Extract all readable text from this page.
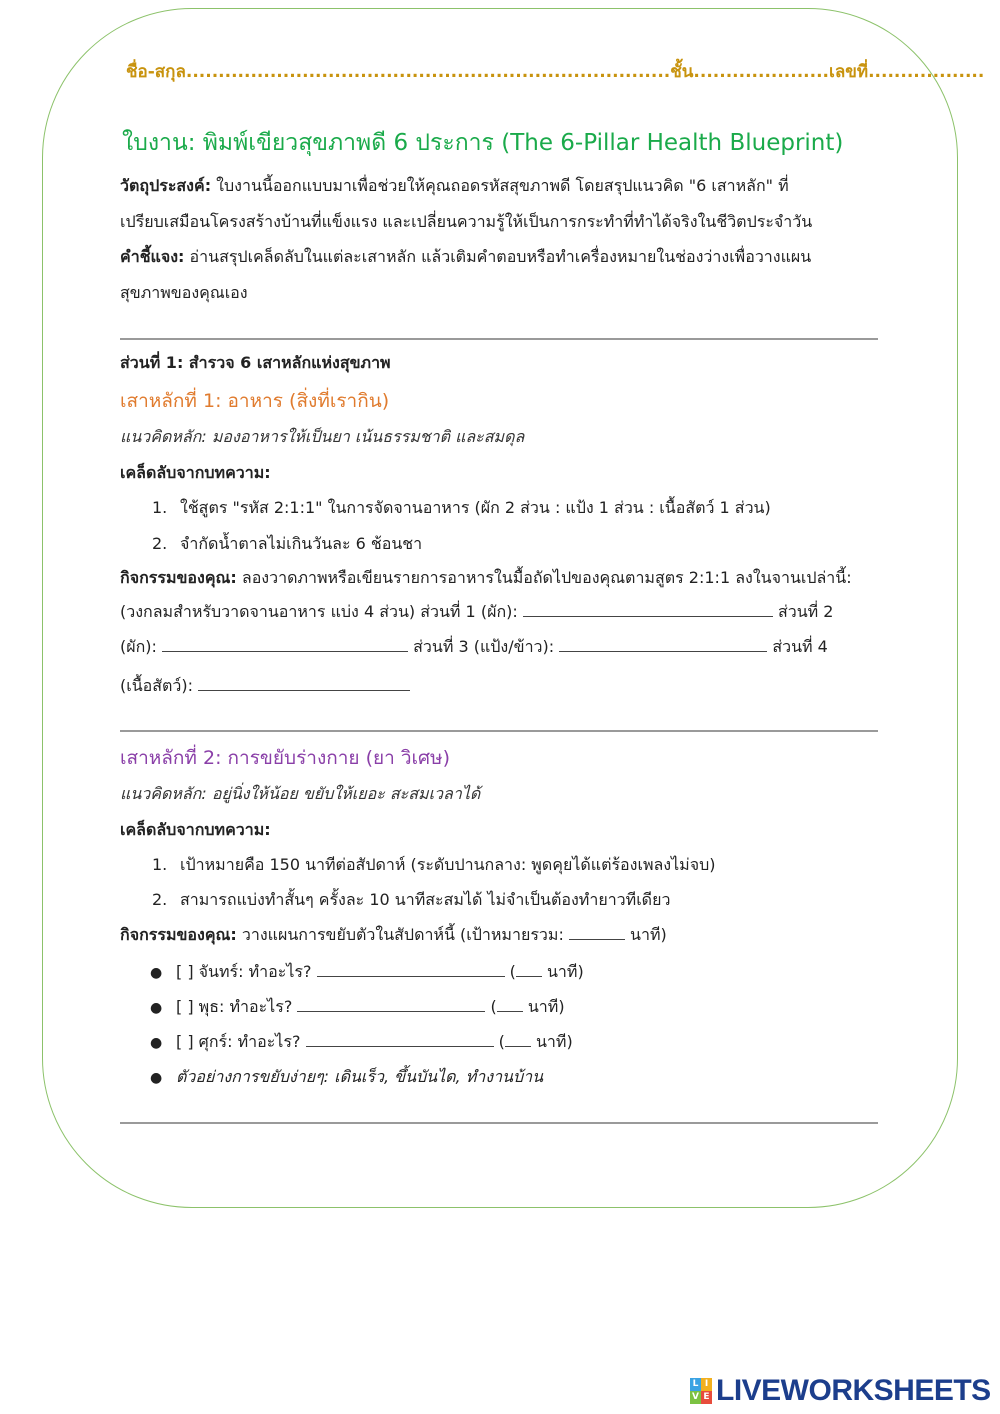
ชื่อ-สกุล...........................................................................ชั้น.....................เลขที่..................
ใบงาน: พิมพ์เขียวสุขภาพดี 6 ประการ (The 6-Pillar Health Blueprint)
วัตถุประสงค์: ใบงานนี้ออกแบบมาเพื่อช่วยให้คุณถอดรหัสสุขภาพดี โดยสรุปแนวคิด "6 เสาหลัก" ที่
เปรียบเสมือนโครงสร้างบ้านที่แข็งแรง และเปลี่ยนความรู้ให้เป็นการกระทำที่ทำได้จริงในชีวิตประจำวัน
คำชี้แจง: อ่านสรุปเคล็ดลับในแต่ละเสาหลัก แล้วเติมคำตอบหรือทำเครื่องหมายในช่องว่างเพื่อวางแผน
สุขภาพของคุณเอง
ส่วนที่ 1: สำรวจ 6 เสาหลักแห่งสุขภาพ
เสาหลักที่ 1: อาหาร (สิ่งที่เรากิน)
แนวคิดหลัก: มองอาหารให้เป็นยา เน้นธรรมชาติ และสมดุล
เคล็ดลับจากบทความ:
1. ใช้สูตร "รหัส 2:1:1" ในการจัดจานอาหาร (ผัก 2 ส่วน : แป้ง 1 ส่วน : เนื้อสัตว์ 1 ส่วน)
2. จำกัดน้ำตาลไม่เกินวันละ 6 ช้อนชา
กิจกรรมของคุณ: ลองวาดภาพหรือเขียนรายการอาหารในมื้อถัดไปของคุณตามสูตร 2:1:1 ลงในจานเปล่านี้:
(วงกลมสำหรับวาดจานอาหาร แบ่ง 4 ส่วน) ส่วนที่ 1 (ผัก):	ส่วนที่ 2
(ผัก):	ส่วนที่ 3 (แป้ง/ข้าว):	ส่วนที่ 4
(เนื้อสัตว์):
เสาหลักที่ 2: การขยับร่างกาย (ยา วิเศษ)
แนวคิดหลัก: อยู่นิ่งให้น้อย ขยับให้เยอะ สะสมเวลาได้
เคล็ดลับจากบทความ:
1. เป้าหมายคือ 150 นาทีต่อสัปดาห์ (ระดับปานกลาง: พูดคุยได้แต่ร้องเพลงไม่จบ)
2. สามารถแบ่งทำสั้นๆ ครั้งละ 10 นาทีสะสมได้ ไม่จำเป็นต้องทำยาวทีเดียว
กิจกรรมของคุณ: วางแผนการขยับตัวในสัปดาห์นี้ (เป้าหมายรวม:	นาที)
● [ ] จันทร์: ทำอะไร?	( นาที)
● [ ] พุธ: ทำอะไร?	( นาที)
● [ ] ศุกร์: ทำอะไร?	( นาที)
● ตัวอย่างการขยับง่ายๆ: เดินเร็ว, ขึ้นบันได, ทำงานบ้าน
L I
V E LIVEWORKSHEETS
